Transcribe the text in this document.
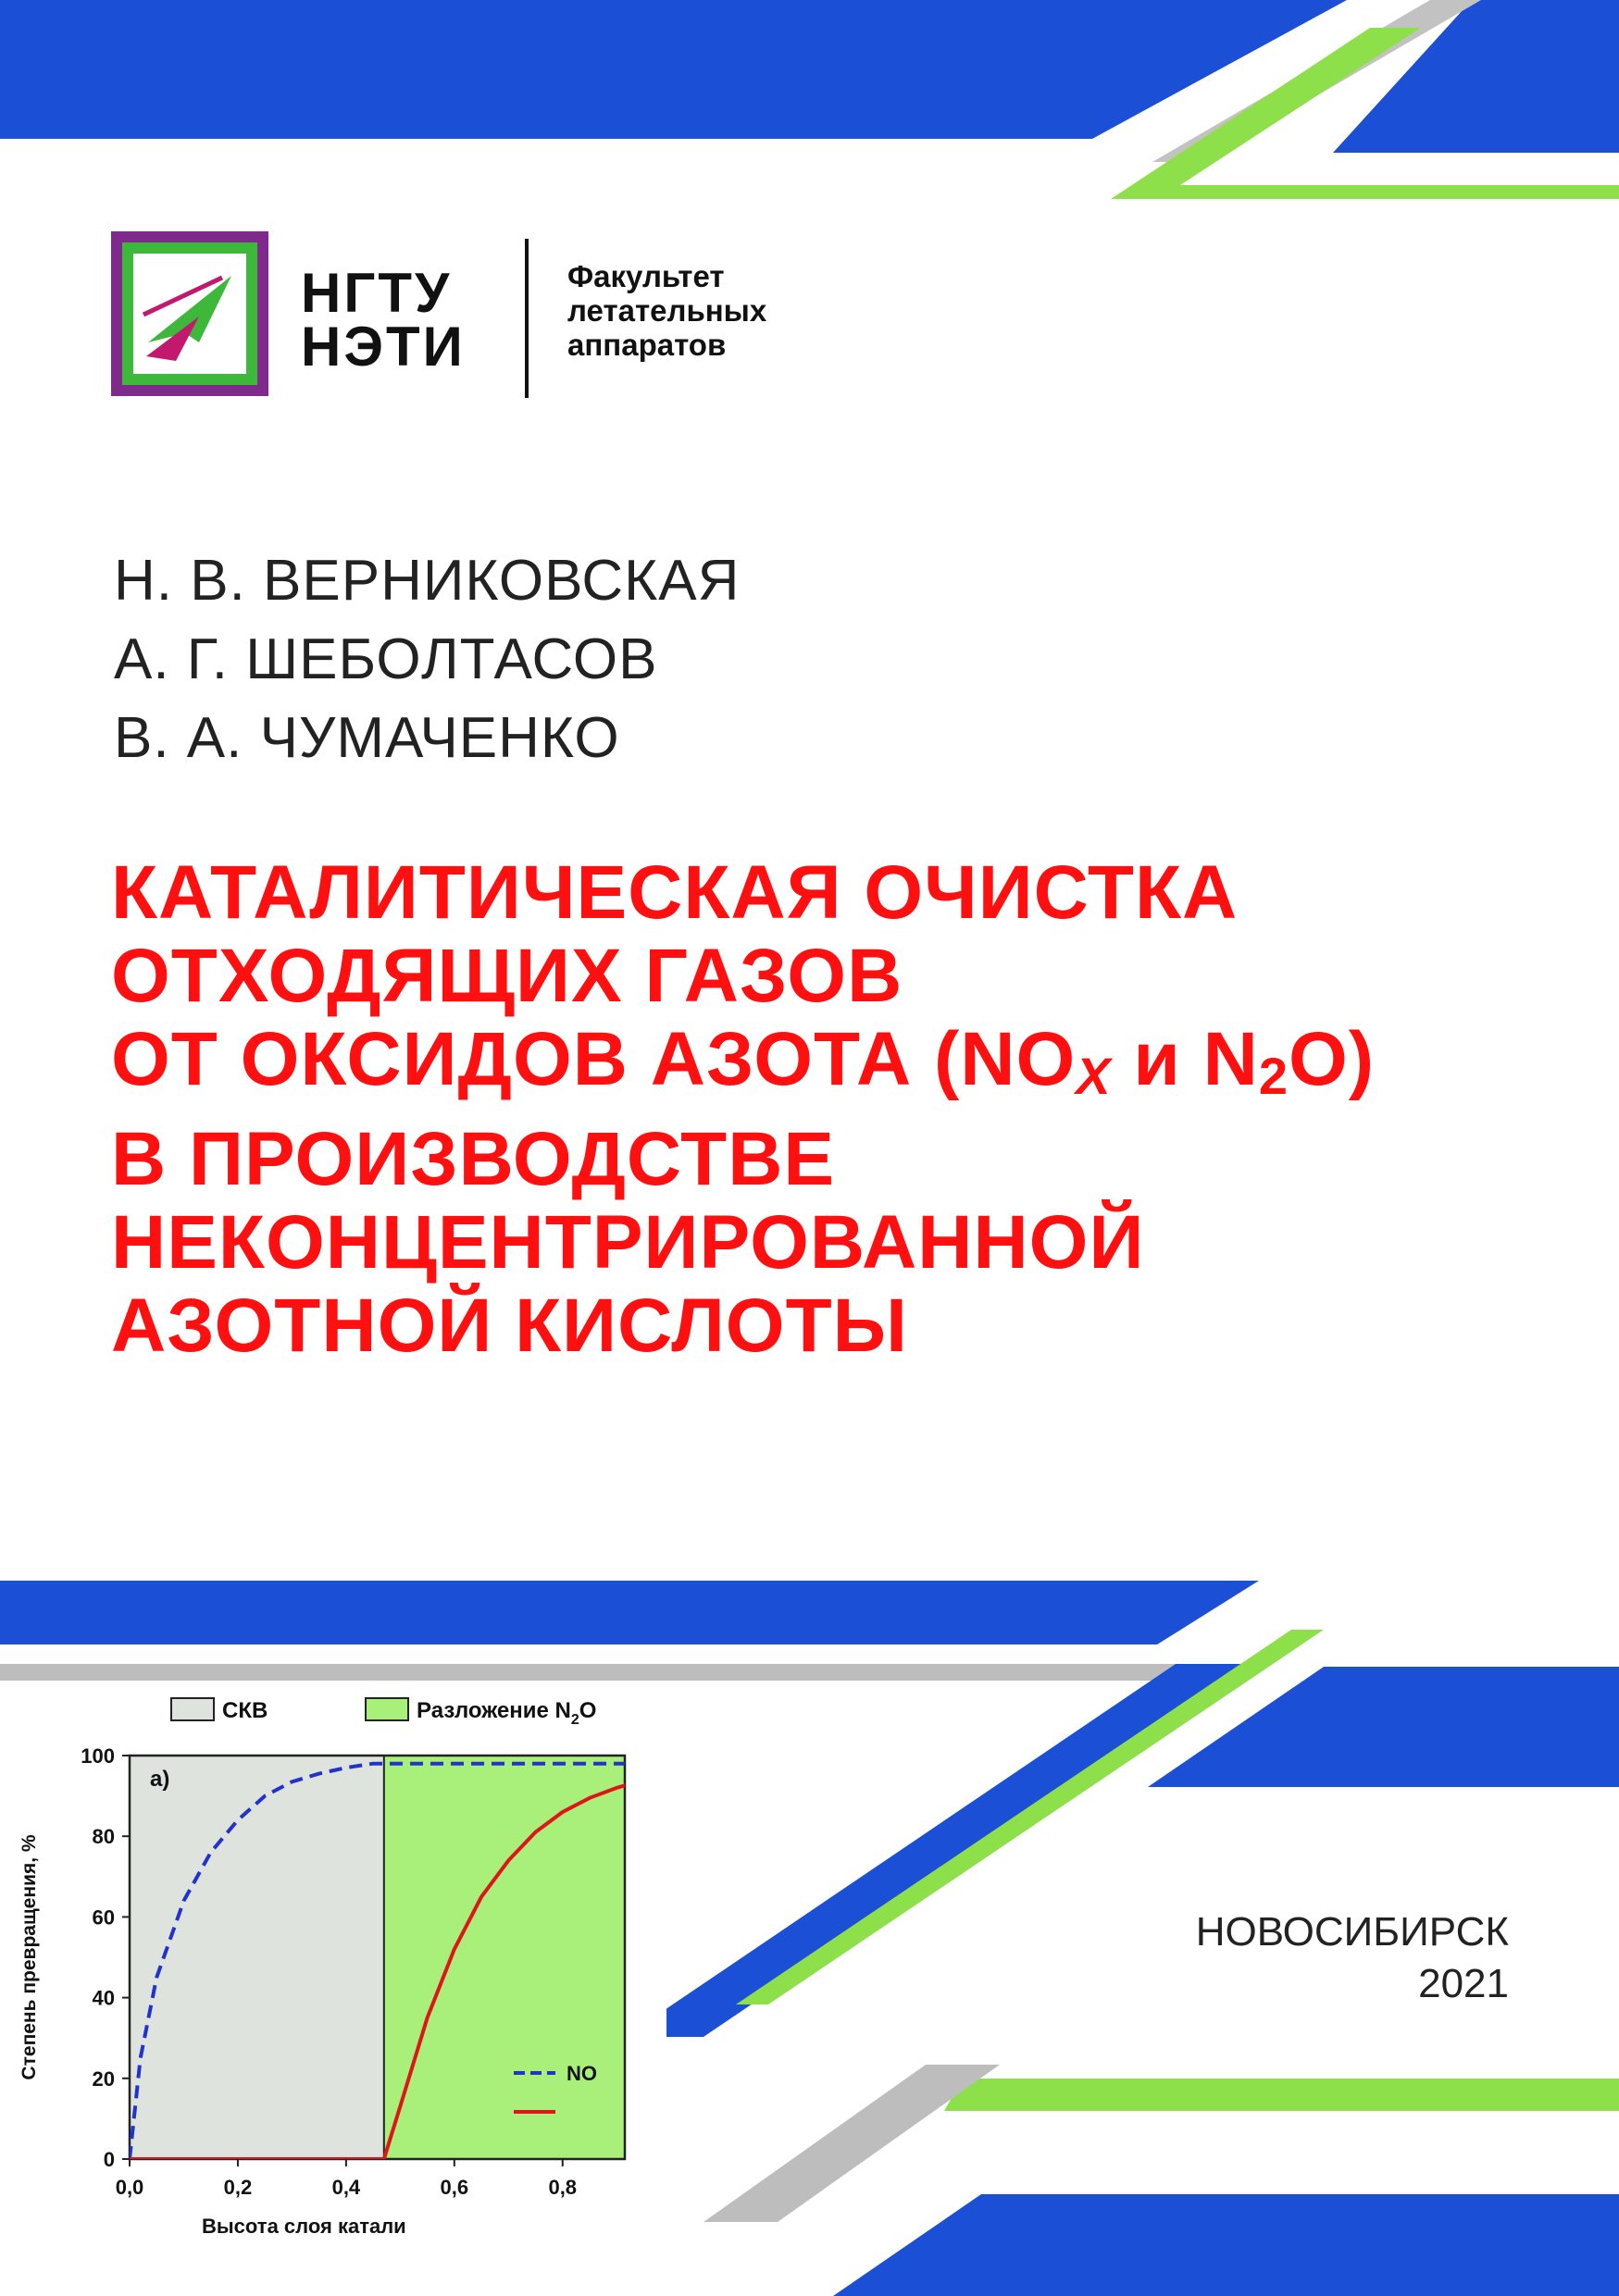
НГТУ
НЭТИ
Факультет
летательных
аппаратов
Н. В. ВЕРНИКОВСКАЯ
А. Г. ШЕБОЛТАСОВ
В. А. ЧУМАЧЕНКО
КАТАЛИТИЧЕСКАЯ ОЧИСТКА
ОТХОДЯЩИХ ГАЗОВ
ОТ ОКСИДОВ АЗОТА ($NO_X$ и $N_2O$)
В ПРОИЗВОДСТВЕ
НЕКОНЦЕНТРИРОВАННОЙ
АЗОТНОЙ КИСЛОТЫ
СКВ	Разложение $N_2O$
а)
0
20
40
60
80
100
0,0	0,2	0,4	0,6	0,8
Степень превращения, %
Высота слоя катали
NO
НОВОСИБИРСК
2021
